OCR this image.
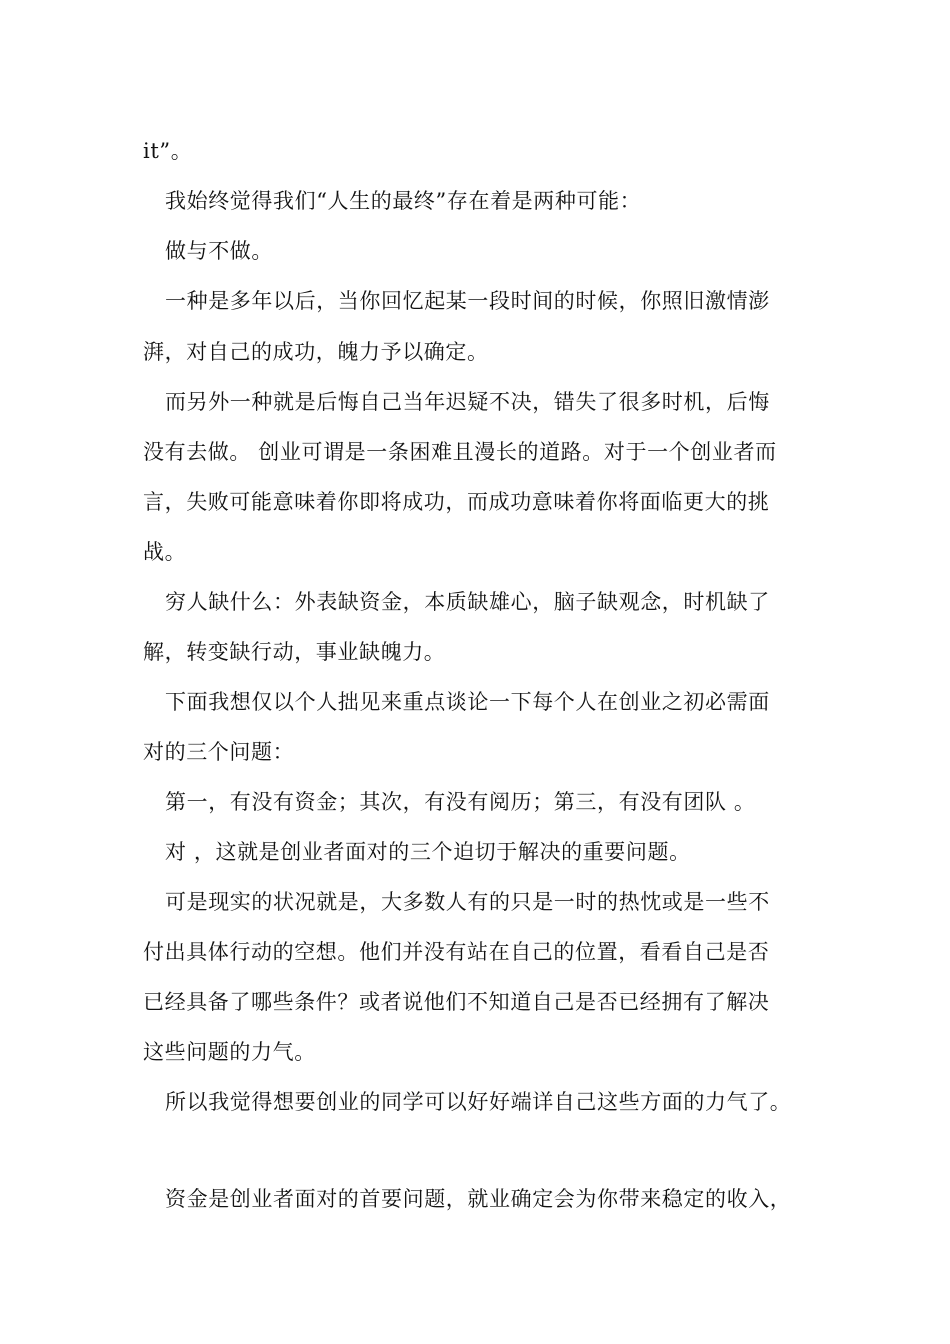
it”。
我始终觉得我们“人生的最终”存在着是两种可能：
做与不做。
一种是多年以后，当你回忆起某一段时间的时候，你照旧激情澎
湃，对自己的成功，魄力予以确定。
而另外一种就是后悔自己当年迟疑不决，错失了很多时机，后悔
没有去做。 创业可谓是一条困难且漫长的道路。对于一个创业者而
言，失败可能意味着你即将成功，而成功意味着你将面临更大的挑
战。
穷人缺什么：外表缺资金，本质缺雄心，脑子缺观念，时机缺了
解，转变缺行动，事业缺魄力。
下面我想仅以个人拙见来重点谈论一下每个人在创业之初必需面
对的三个问题：
第一，有没有资金；其次，有没有阅历；第三，有没有团队 。
对 ，这就是创业者面对的三个迫切于解决的重要问题。
可是现实的状况就是，大多数人有的只是一时的热忱或是一些不
付出具体行动的空想。他们并没有站在自己的位置，看看自己是否
已经具备了哪些条件？或者说他们不知道自己是否已经拥有了解决
这些问题的力气。
所以我觉得想要创业的同学可以好好端详自己这些方面的力气了。
资金是创业者面对的首要问题，就业确定会为你带来稳定的收入，
